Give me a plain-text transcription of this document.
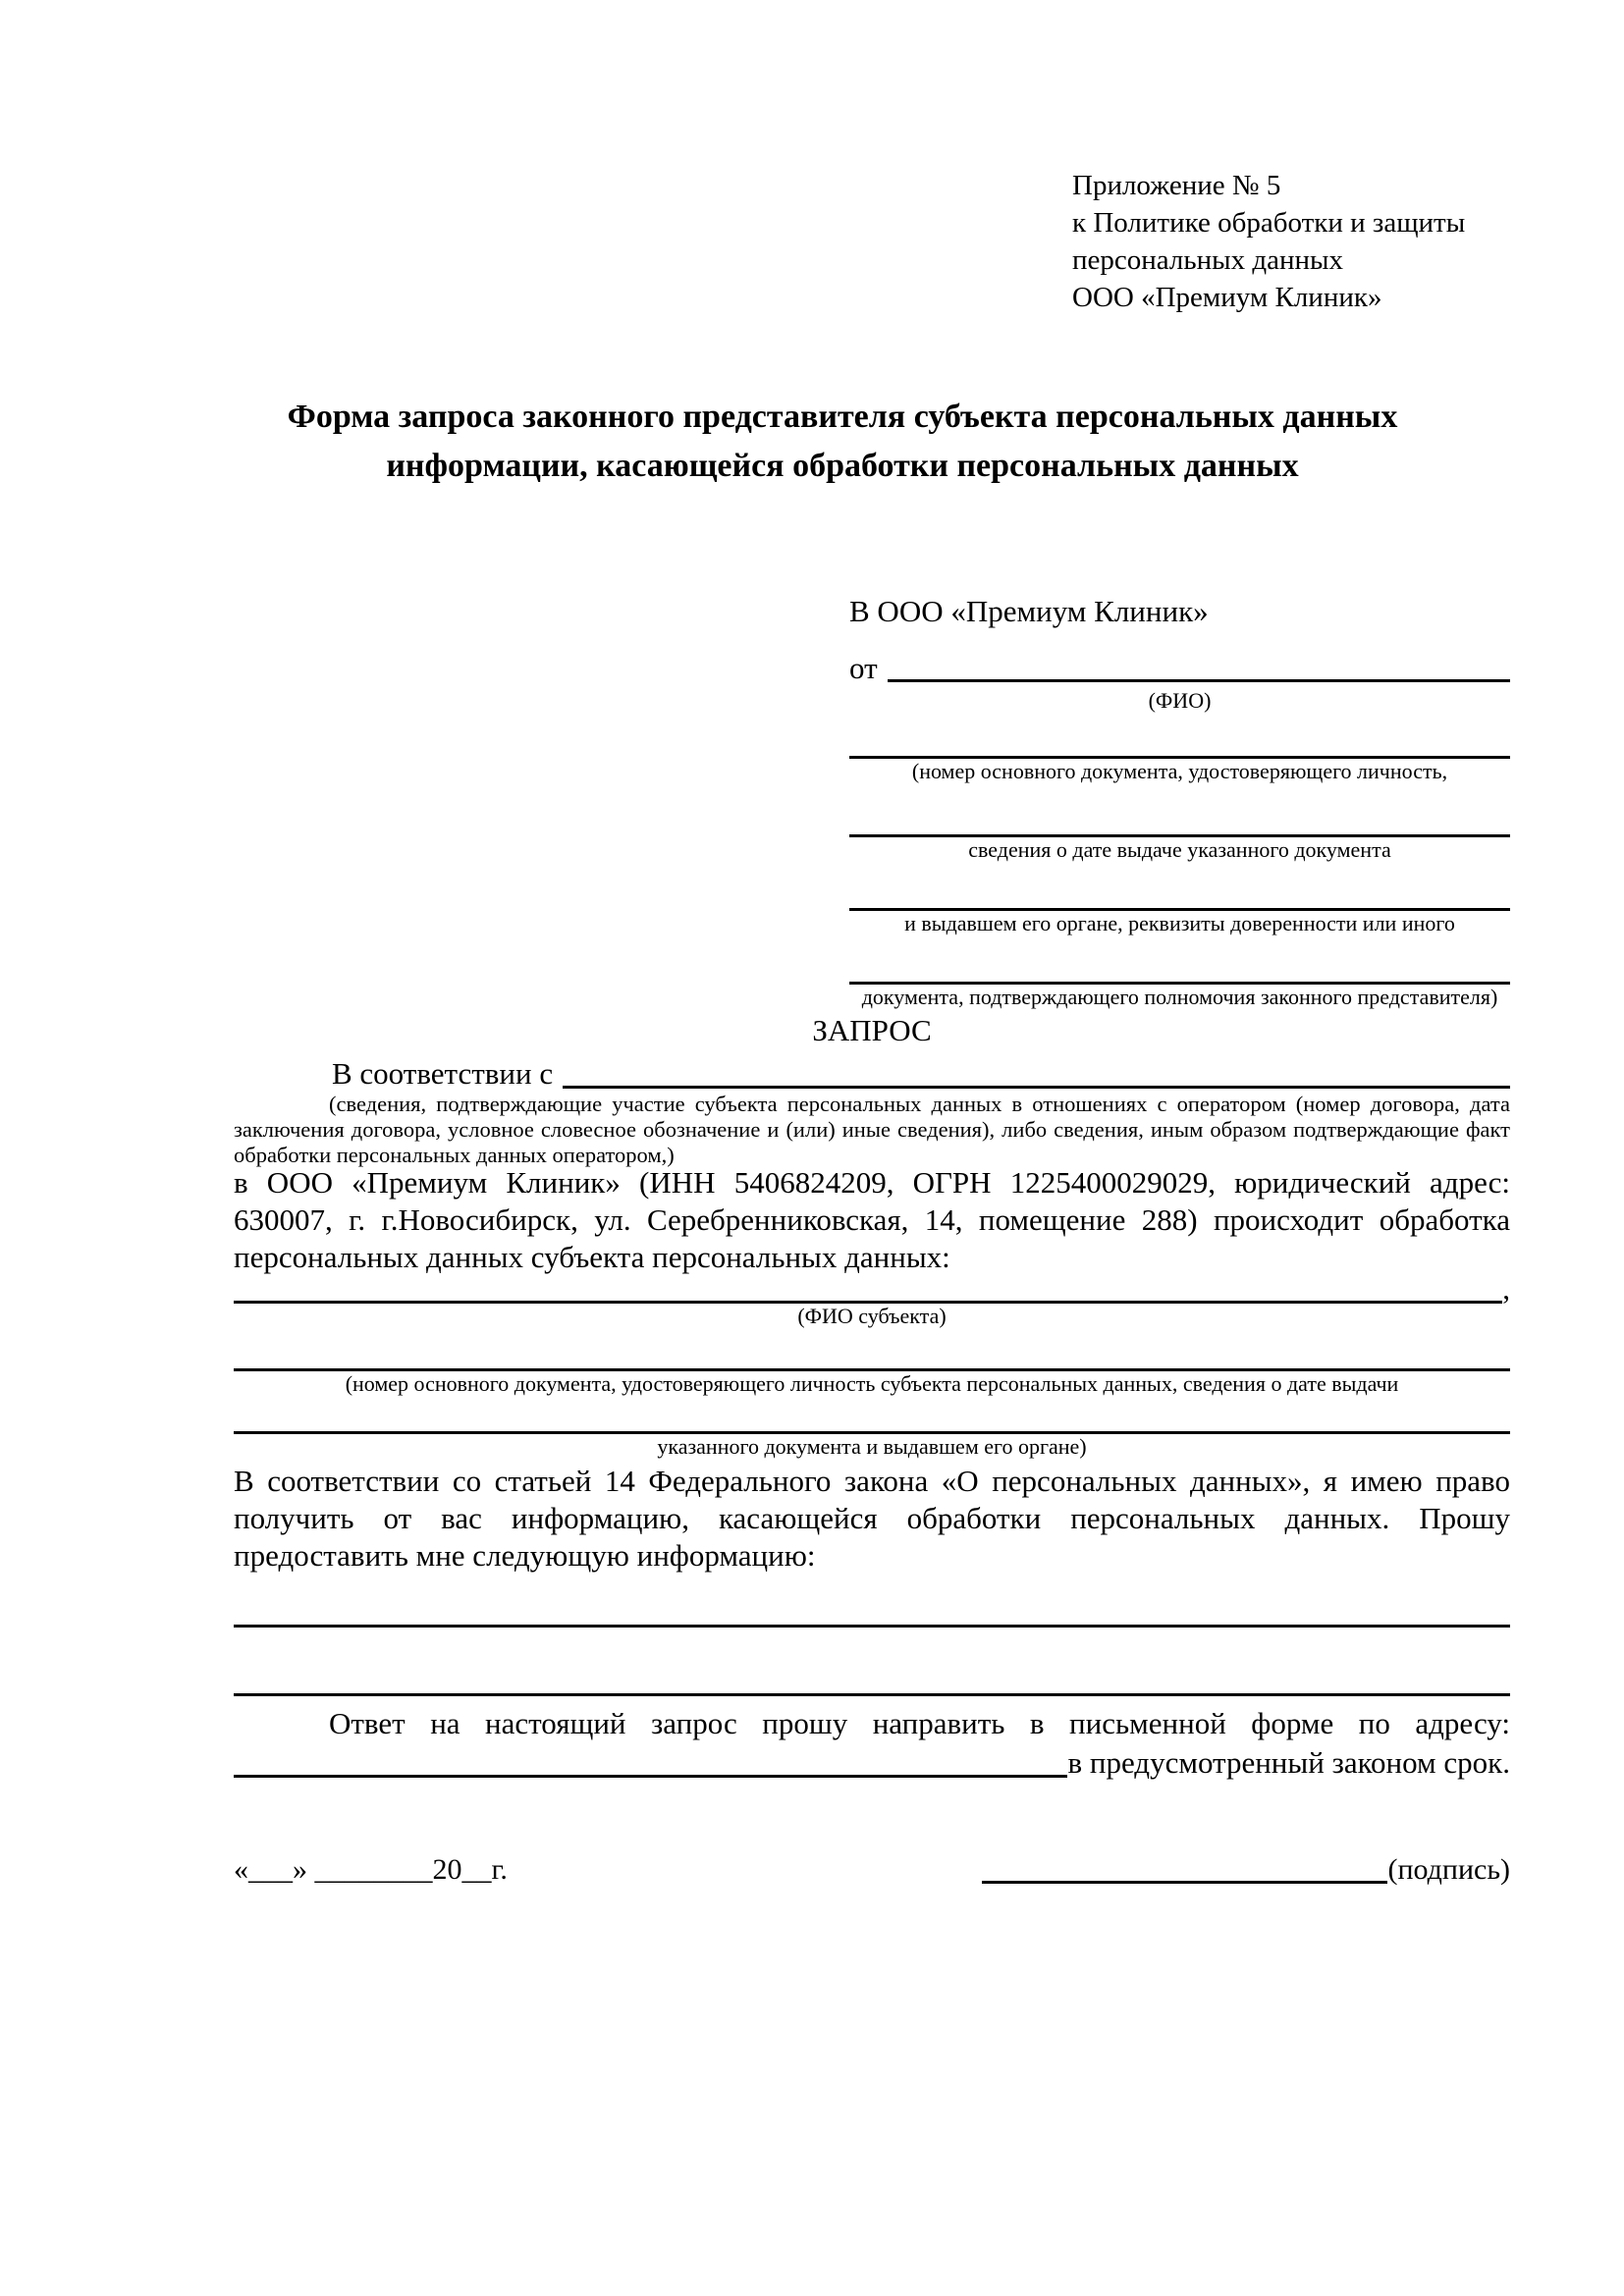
Приложение № 5
к Политике обработки и защиты
персональных данных
ООО «Премиум Клиник»
Форма запроса законного представителя субъекта персональных данных
информации, касающейся обработки персональных данных
В ООО «Премиум Клиник»
от
(ФИО)
(номер основного документа, удостоверяющего личность,
сведения о дате выдаче указанного документа
и выдавшем его органе, реквизиты доверенности или иного
документа, подтверждающего полномочия законного представителя)
ЗАПРОС
В соответствии с
(сведения, подтверждающие участие субъекта персональных данных в отношениях с оператором (номер договора, дата заключения договора, условное словесное обозначение и (или) иные сведения), либо сведения, иным образом подтверждающие факт обработки персональных данных оператором,)
в ООО «Премиум Клиник» (ИНН 5406824209, ОГРН 1225400029029, юридический адрес: 630007, г. г.Новосибирск, ул. Серебренниковская, 14, помещение 288) происходит обработка персональных данных субъекта персональных данных:
,
(ФИО субъекта)
(номер основного документа, удостоверяющего личность субъекта персональных данных, сведения о дате выдачи
указанного документа и выдавшем его органе)
В соответствии со статьей 14 Федерального закона «О персональных данных», я имею право получить от вас информацию, касающейся обработки персональных данных. Прошу предоставить мне следующую информацию:
Ответ на настоящий запрос прошу направить в письменной форме по адресу:
в предусмотренный законом срок.
«___» ________20__г.	(подпись)
